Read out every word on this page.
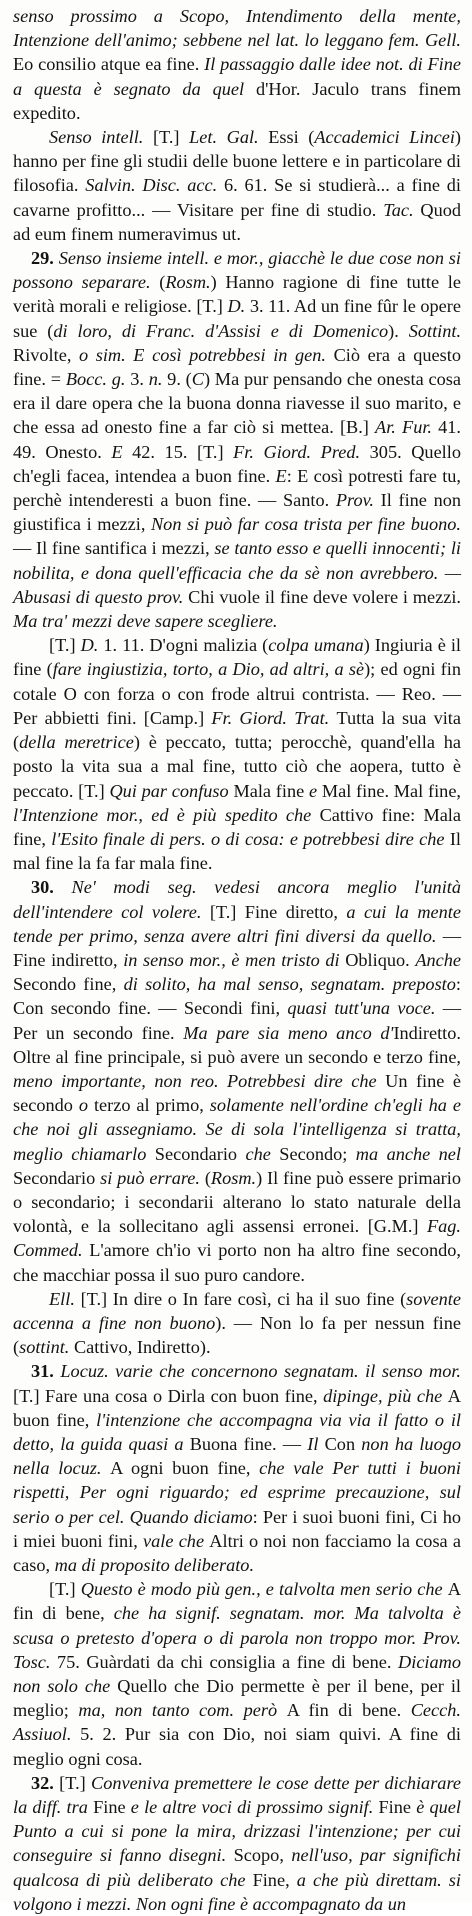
senso prossimo a Scopo, Intendimento della mente, Intenzione dell'animo; sebbene nel lat. lo leggano fem. Gell. Eo consilio atque ea fine. Il passaggio dalle idee not. di Fine a questa è segnato da quel d'Hor. Jaculo trans finem expedito.

Senso intell. [T.] Let. Gal. Essi (Accademici Lincei) hanno per fine gli studii delle buone lettere e in particolare di filosofia. Salvin. Disc. acc. 6. 61. Se si studierà... a fine di cavarne profitto... — Visitare per fine di studio. Tac. Quod ad eum finem numeravimus ut.

29. Senso insieme intell. e mor., giacchè le due cose non si possono separare. (Rosm.) Hanno ragione di fine tutte le verità morali e religiose. [T.] D. 3. 11. Ad un fine fûr le opere sue (di loro, di Franc. d'Assisi e di Domenico). Sottint. Rivolte, o sim. E così potrebbesi in gen. Ciò era a questo fine. = Bocc. g. 3. n. 9. (C) Ma pur pensando che onesta cosa era il dare opera che la buona donna riavesse il suo marito, e che essa ad onesto fine a far ciò si mettea. [B.] Ar. Fur. 41. 49. Onesto. E 42. 15. [T.] Fr. Giord. Pred. 305. Quello ch'egli facea, intendea a buon fine. E: E così potresti fare tu, perchè intenderesti a buon fine. — Santo. Prov. Il fine non giustifica i mezzi, Non si può far cosa trista per fine buono. — Il fine santifica i mezzi, se tanto esso e quelli innocenti; li nobilita, e dona quell'efficacia che da sè non avrebbero. — Abusasi di questo prov. Chi vuole il fine deve volere i mezzi. Ma tra' mezzi deve sapere scegliere.

[T.] D. 1. 11. D'ogni malizia (colpa umana) Ingiuria è il fine (fare ingiustizia, torto, a Dio, ad altri, a sè); ed ogni fin cotale O con forza o con frode altrui contrista. — Reo. — Per abbietti fini. [Camp.] Fr. Giord. Trat. Tutta la sua vita (della meretrice) è peccato, tutta; perocchè, quand'ella ha posto la vita sua a mal fine, tutto ciò che aopera, tutto è peccato. [T.] Qui par confuso Mala fine e Mal fine. Mal fine, l'Intenzione mor., ed è più spedito che Cattivo fine: Mala fine, l'Esito finale di pers. o di cosa: e potrebbesi dire che Il mal fine la fa far mala fine.

30. Ne' modi seg. vedesi ancora meglio l'unità dell'intendere col volere. [T.] Fine diretto, a cui la mente tende per primo, senza avere altri fini diversi da quello. — Fine indiretto, in senso mor., è men tristo di Obliquo. Anche Secondo fine, di solito, ha mal senso, segnatam. preposto: Con secondo fine. — Secondi fini, quasi tutt'una voce. — Per un secondo fine. Ma pare sia meno anco d'Indiretto. Oltre al fine principale, si può avere un secondo e terzo fine, meno importante, non reo. Potrebbesi dire che Un fine è secondo o terzo al primo, solamente nell'ordine ch'egli ha e che noi gli assegniamo. Se di sola l'intelligenza si tratta, meglio chiamarlo Secondario che Secondo; ma anche nel Secondario si può errare. (Rosm.) Il fine può essere primario o secondario; i secondarii alterano lo stato naturale della volontà, e la sollecitano agli assensi erronei. [G.M.] Fag. Commed. L'amore ch'io vi porto non ha altro fine secondo, che macchiar possa il suo puro candore.

Ell. [T.] In dire o In fare così, ci ha il suo fine (sovente accenna a fine non buono). — Non lo fa per nessun fine (sottint. Cattivo, Indiretto).

31. Locuz. varie che concernono segnatam. il senso mor. [T.] Fare una cosa o Dirla con buon fine, dipinge, più che A buon fine, l'intenzione che accompagna via via il fatto o il detto, la guida quasi a Buona fine. — Il Con non ha luogo nella locuz. A ogni buon fine, che vale Per tutti i buoni rispetti, Per ogni riguardo; ed esprime precauzione, sul serio o per cel. Quando diciamo: Per i suoi buoni fini, Ci ho i miei buoni fini, vale che Altri o noi non facciamo la cosa a caso, ma di proposito deliberato.

[T.] Questo è modo più gen., e talvolta men serio che A fin di bene, che ha signif. segnatam. mor. Ma talvolta è scusa o pretesto d'opera o di parola non troppo mor. Prov. Tosc. 75. Guàrdati da chi consiglia a fine di bene. Diciamo non solo che Quello che Dio permette è per il bene, per il meglio; ma, non tanto com. però A fin di bene. Cecch. Assiuol. 5. 2. Pur sia con Dio, noi siam quivi. A fine di meglio ogni cosa.

32. [T.] Conveniva premettere le cose dette per dichiarare la diff. tra Fine e le altre voci di prossimo signif. Fine è quel Punto a cui si pone la mira, drizzasi l'intenzione; per cui conseguire si fanno disegni. Scopo, nell'uso, par significhi qualcosa di più deliberato che Fine, a che più direttam. si volgono i mezzi. Non ogni fine è accompagnato da un
